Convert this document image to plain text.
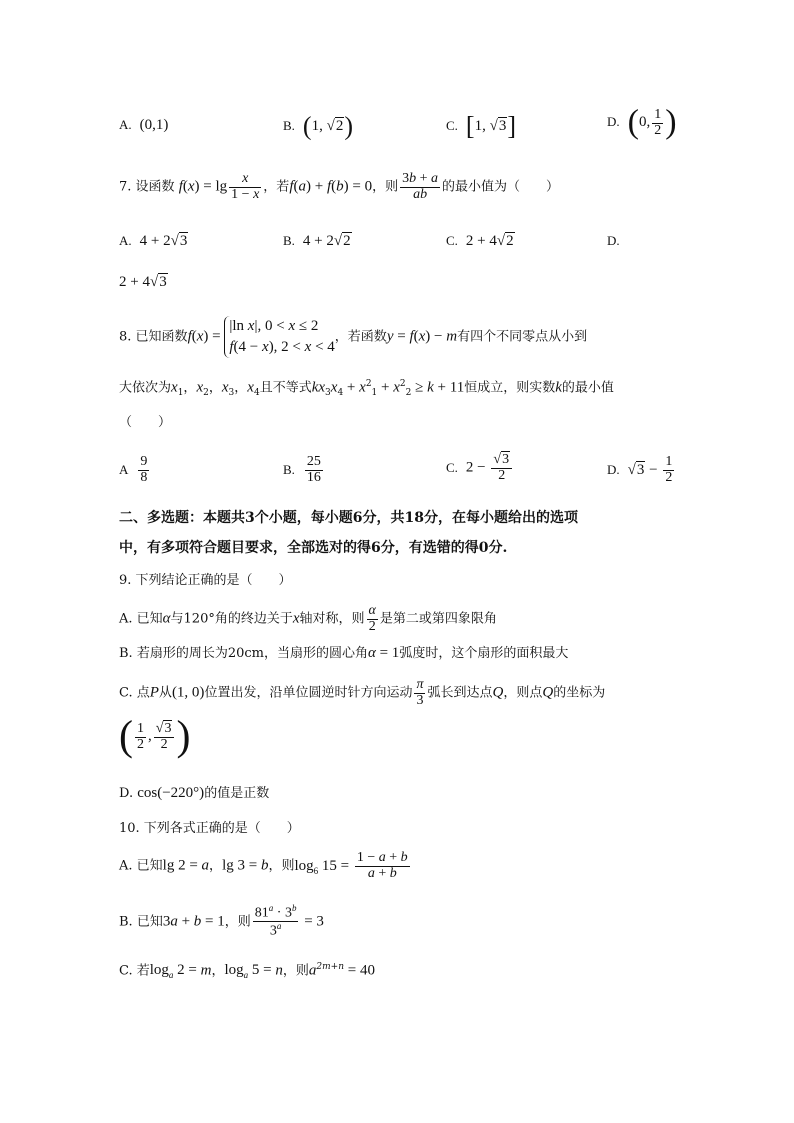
A. (0,1)	B. (1, √2)	C. [1, √3]	D. (0, $\frac{1}{2}$ )
7. 设函数 $f(x) = \lg \frac{x}{1 - x}$ ，若f(a) + f(b) = 0，则 $\frac{3b + a}{ab}$ 的最小值为（　　）
A. 4 + 2√3	B. 4 + 2√2	C. 2 + 4√2	D.
2 + 4√3
8. 已知函数f(x) = |ln x|, 0 < x ≤ 2
f(4 − x), 2 < x < 4，若函数y = f(x) − m有四个不同零点从小到
大依次为$x_1$，$x_2$，$x_3$，$x_4$且不等式$kx_3x_4 + x^2_1 + x^2_2 \ge k + 11$恒成立，则实数k的最小值
（　　）
A $\frac{9}{8}$	B. $\frac{25}{16}$	C. $2 - \frac{√3}{2}$	D. $√3 - \frac{1}{2}$
二、多选题：本题共3个小题，每小题6分，共18分，在每小题给出的选项
中，有多项符合题目要求，全部选对的得6分，有选错的得0分.
9. 下列结论正确的是（　　）
A. 已知α与120°角的终边关于x轴对称，则 $\frac{\alpha}{2}$ 是第二或第四象限角
B. 若扇形的周长为20cm，当扇形的圆心角α = 1弧度时，这个扇形的面积最大
C. 点P从(1, 0)位置出发，沿单位圆逆时针方向运动 $\frac{\pi}{3}$ 弧长到达点Q，则点Q的坐标为
( $\frac{1}{2}$ , $\frac{√3}{2}$ )
D. cos(−220°)的值是正数
10. 下列各式正确的是（　　）
A. 已知lg 2 = a，lg 3 = b，则$\log_6 15 = \frac{1 - a + b}{a + b}$
B. 已知3a + b = 1，则 $\frac{81^a \cdot 3^b}{3^a} = 3$
C. 若$\log_a 2 = m$，$\log_a 5 = n$，则$a^{2m+n} = 40$
